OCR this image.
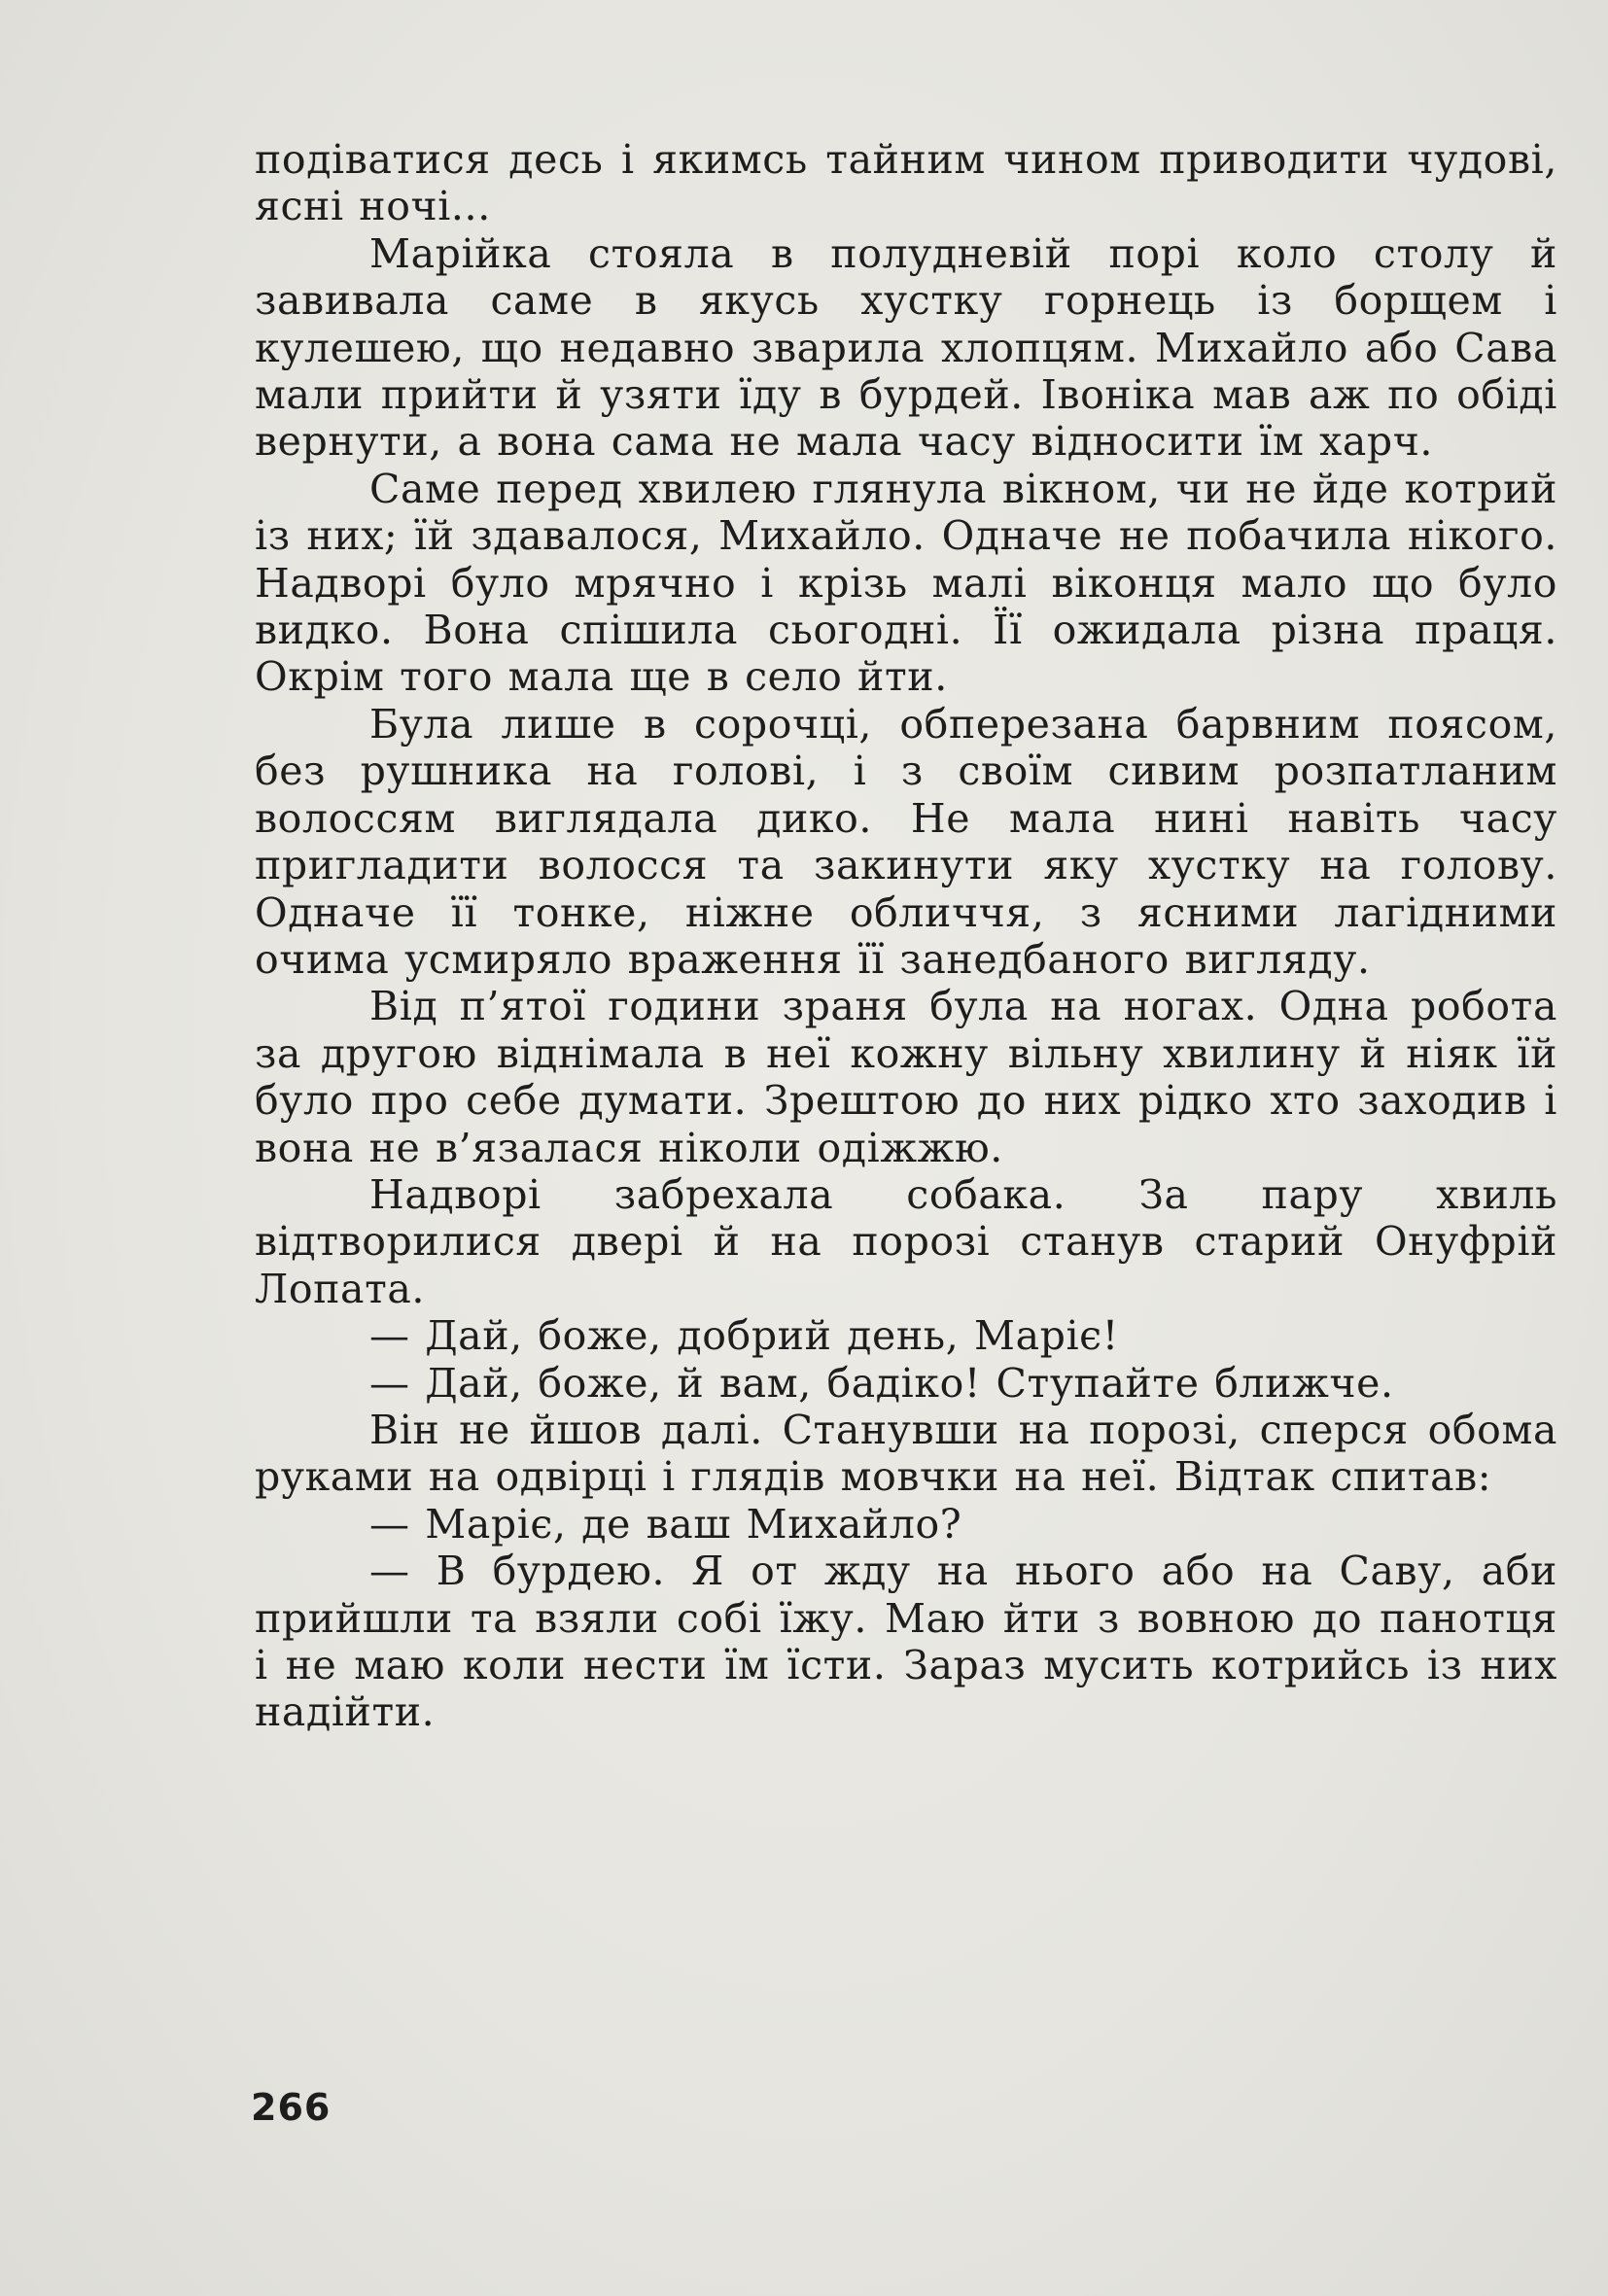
подіватися десь і якимсь тайним чином приводити чудові, ясні ночі...

Марійка стояла в полудневій порі коло столу й завивала саме в якусь хустку горнець із борщем і кулешею, що недавно зварила хлопцям. Михайло або Сава мали прийти й узяти їду в бурдей. Івоніка мав аж по обіді вернути, а вона сама не мала часу відносити їм харч.

Саме перед хвилею глянула вікном, чи не йде котрий із них; їй здавалося, Михайло. Одначе не побачила нікого. Надворі було мрячно і крізь малі віконця мало що було видко. Вона спішила сьогодні. Її ожидала різна праця. Окрім того мала ще в село йти.

Була лише в сорочці, обперезана барвним поясом, без рушника на голові, і з своїм сивим розпатланим волоссям виглядала дико. Не мала нині навіть часу пригладити волосся та закинути яку хустку на голову. Одначе її тонке, ніжне обличчя, з ясними лагідними очима усмиряло враження її занедбаного вигляду.

Від п’ятої години зраня була на ногах. Одна робота за другою віднімала в неї кожну вільну хвилину й ніяк їй було про себе думати. Зрештою до них рідко хто заходив і вона не в’язалася ніколи одіжжю.

Надворі забрехала собака. За пару хвиль відтворилися двері й на порозі станув старий Онуфрій Лопата.

— Дай, боже, добрий день, Маріє!

— Дай, боже, й вам, бадіко! Ступайте ближче.

Він не йшов далі. Станувши на порозі, сперся обома руками на одвірці і глядів мовчки на неї. Відтак спитав:

— Маріє, де ваш Михайло?

— В бурдею. Я от жду на нього або на Саву, аби прийшли та взяли собі їжу. Маю йти з вовною до панотця і не маю коли нести їм їсти. Зараз мусить котрийсь із них надійти.

266
